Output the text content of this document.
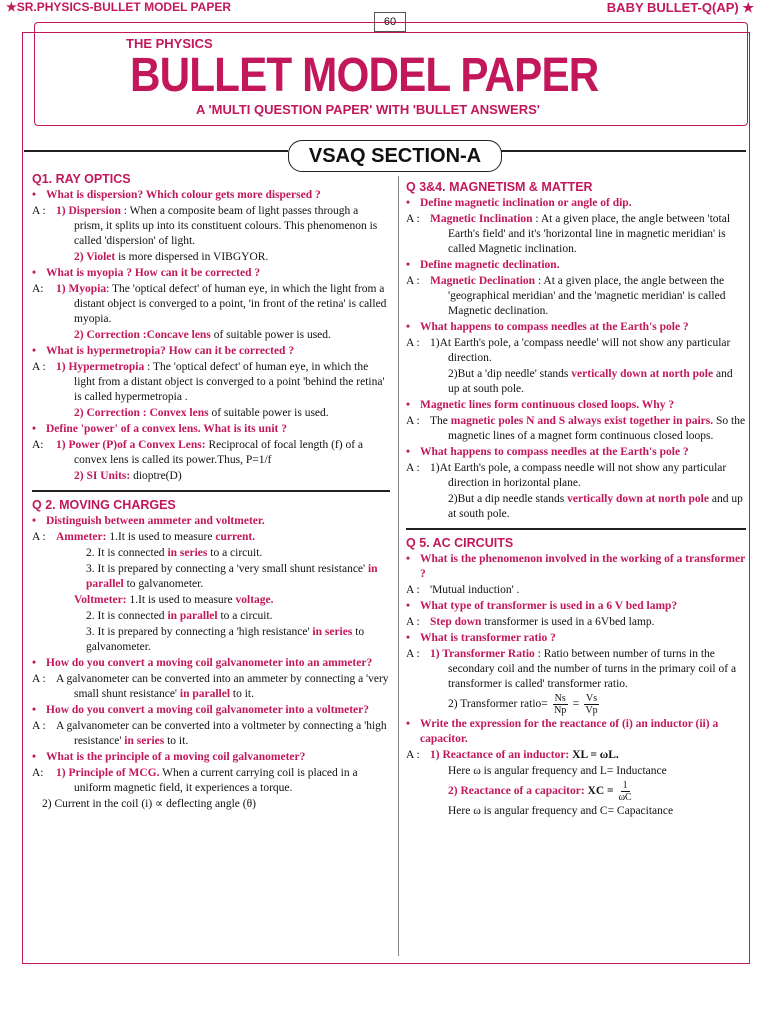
★SR.PHYSICS-BULLET MODEL PAPER	BABY BULLET-Q(AP) ★
60
THE PHYSICS
BULLET MODEL PAPER
A 'MULTI QUESTION PAPER' WITH 'BULLET ANSWERS'
VSAQ SECTION-A
Q1. RAY OPTICS
• What is dispersion? Which colour gets more dispersed ?
A : 1) Dispersion : When a composite beam of light passes through a prism, it splits up into its constituent colours. This phenomenon is called 'dispersion' of light.
2) Violet is more dispersed in VIBGYOR.
• What is myopia ? How can it be corrected ?
A: 1) Myopia: The 'optical defect' of human eye, in which the light from a distant object is converged to a point, 'in front of the retina' is called myopia.
2) Correction :Concave lens of suitable power is used.
• What is hypermetropia? How can it be corrected ?
A : 1) Hypermetropia : The 'optical defect' of human eye, in which the light from a distant object is converged to a point 'behind the retina' is called hypermetropia .
2) Correction : Convex lens of suitable power is used.
• Define 'power' of a convex lens. What is its unit ?
A: 1) Power (P)of a Convex Lens: Reciprocal of focal length (f) of a convex lens is called its power.Thus, P=1/f
2) SI Units: dioptre(D)
Q 2. MOVING CHARGES
• Distinguish between ammeter and voltmeter.
A : Ammeter: 1.It is used to measure current.
2. It is connected in series to a circuit.
3. It is prepared by connecting a 'very small shunt resistance' in parallel to galvanometer.
Voltmeter: 1.It is used to measure voltage.
2. It is connected in parallel to a circuit.
3. It is prepared by connecting a 'high resistance' in series to galvanometer.
• How do you convert a moving coil galvanometer into an ammeter?
A : A galvanometer can be converted into an ammeter by connecting a 'very small shunt resistance' in parallel to it.
• How do you convert a moving coil galvanometer into a voltmeter?
A : A galvanometer can be converted into a voltmeter by connecting a 'high resistance' in series to it.
• What is the principle of a moving coil galvanometer?
A: 1) Principle of MCG. When a current carrying coil is placed in a uniform magnetic field, it experiences a torque.
2) Current in the coil (i) ∝ deflecting angle (θ)
Q 3&4. MAGNETISM & MATTER
• Define magnetic inclination or angle of dip.
A : Magnetic Inclination : At a given place, the angle between 'total Earth's field' and it's 'horizontal line in magnetic meridian' is called Magnetic inclination.
• Define magnetic declination.
A : Magnetic Declination : At a given place, the angle between the 'geographical meridian' and the 'magnetic meridian' is called Magnetic declination.
• What happens to compass needles at the Earth's pole ?
A : 1)At Earth's pole, a 'compass needle' will not show any particular direction.
2)But a 'dip needle' stands vertically down at north pole and up at south pole.
• Magnetic lines form continuous closed loops. Why ?
A : The magnetic poles N and S always exist together in pairs. So the magnetic lines of a magnet form continuous closed loops.
• What happens to compass needles at the Earth's pole ?
A : 1)At Earth's pole, a compass needle will not show any particular direction in horizontal plane.
2)But a dip needle stands vertically down at north pole and up at south pole.
Q 5. AC CIRCUITS
• What is the phenomenon involved in the working of a transformer ?
A : 'Mutual induction' .
• What type of transformer is used in a 6 V bed lamp?
A : Step down transformer is used in a 6Vbed lamp.
• What is transformer ratio ?
A : 1) Transformer Ratio : Ratio between number of turns in the secondary coil and the number of turns in the primary coil of a transformer is called' transformer ratio.
2) Transformer ratio= $\frac{Ns}{Np} = \frac{Vs}{Vp}$
• Write the expression for the reactance of (i) an inductor (ii) a capacitor.
A : 1) Reactance of an inductor: XL = ωL.
Here ω is angular frequency and L= Inductance
2) Reactance of a capacitor: XC = $\frac{1}{\omega C}$
Here ω is angular frequency and C= Capacitance
